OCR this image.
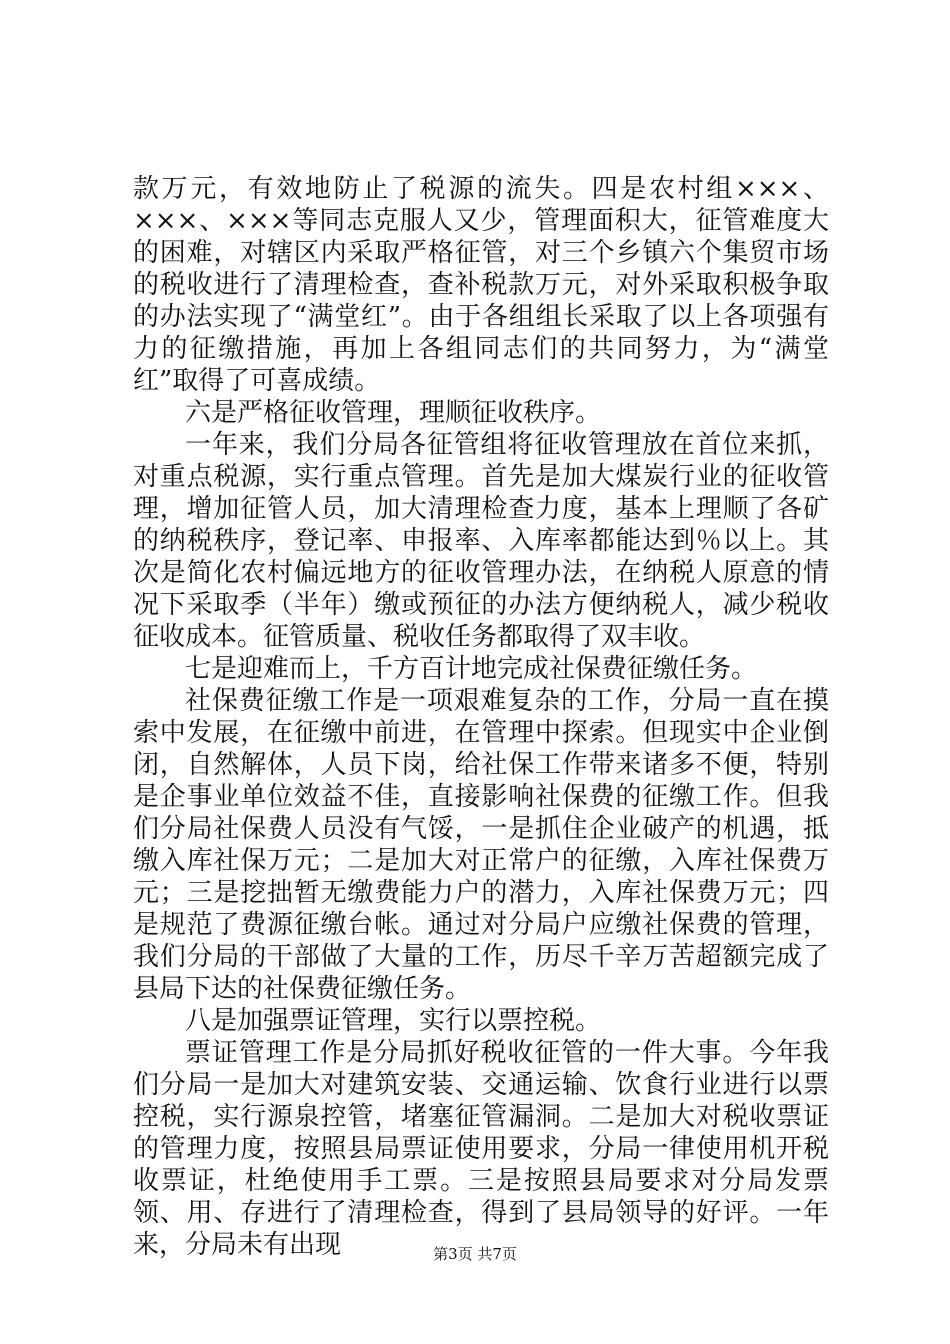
款万元，有效地防止了税源的流失。四是农村组×××、×××、×××等同志克服人又少，管理面积大，征管难度大的困难，对辖区内采取严格征管，对三个乡镇六个集贸市场的税收进行了清理检查，查补税款万元，对外采取积极争取的办法实现了“满堂红”。由于各组组长采取了以上各项强有力的征缴措施，再加上各组同志们的共同努力，为“满堂红”取得了可喜成绩。

六是严格征收管理，理顺征收秩序。

一年来，我们分局各征管组将征收管理放在首位来抓，对重点税源，实行重点管理。首先是加大煤炭行业的征收管理，增加征管人员，加大清理检查力度，基本上理顺了各矿的纳税秩序，登记率、申报率、入库率都能达到％以上。其次是简化农村偏远地方的征收管理办法，在纳税人原意的情况下采取季（半年）缴或预征的办法方便纳税人，减少税收征收成本。征管质量、税收任务都取得了双丰收。

七是迎难而上，千方百计地完成社保费征缴任务。

社保费征缴工作是一项艰难复杂的工作，分局一直在摸索中发展，在征缴中前进，在管理中探索。但现实中企业倒闭，自然解体，人员下岗，给社保工作带来诸多不便，特别是企事业单位效益不佳，直接影响社保费的征缴工作。但我们分局社保费人员没有气馁，一是抓住企业破产的机遇，抵缴入库社保万元；二是加大对正常户的征缴，入库社保费万元；三是挖拙暂无缴费能力户的潜力，入库社保费万元；四是规范了费源征缴台帐。通过对分局户应缴社保费的管理，我们分局的干部做了大量的工作，历尽千辛万苦超额完成了县局下达的社保费征缴任务。

八是加强票证管理，实行以票控税。

票证管理工作是分局抓好税收征管的一件大事。今年我们分局一是加大对建筑安装、交通运输、饮食行业进行以票控税，实行源泉控管，堵塞征管漏洞。二是加大对税收票证的管理力度，按照县局票证使用要求，分局一律使用机开税收票证，杜绝使用手工票。三是按照县局要求对分局发票领、用、存进行了清理检查，得到了县局领导的好评。一年来，分局未有出现	第3页 共7页
